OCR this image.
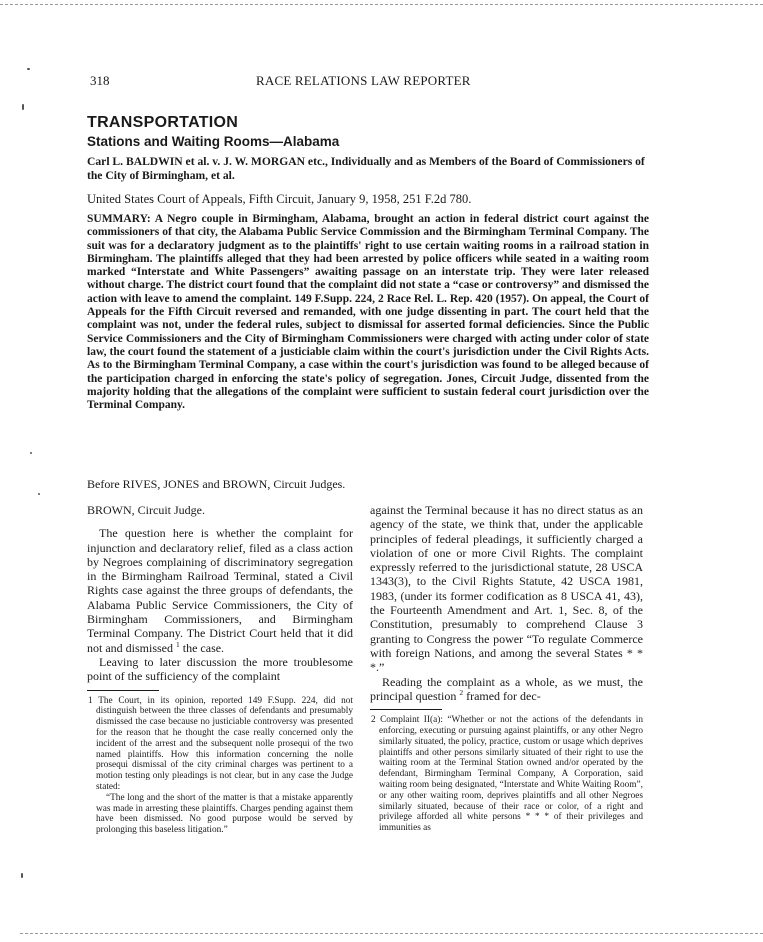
318	RACE RELATIONS LAW REPORTER
TRANSPORTATION
Stations and Waiting Rooms—Alabama

Carl L. BALDWIN et al. v. J. W. MORGAN etc., Individually and as Members of the Board of Commissioners of the City of Birmingham, et al.

United States Court of Appeals, Fifth Circuit, January 9, 1958, 251 F.2d 780.

SUMMARY: A Negro couple in Birmingham, Alabama, brought an action in federal district court against the commissioners of that city, the Alabama Public Service Commission and the Birmingham Terminal Company. The suit was for a declaratory judgment as to the plaintiffs' right to use certain waiting rooms in a railroad station in Birmingham. The plaintiffs alleged that they had been arrested by police officers while seated in a waiting room marked “Interstate and White Passengers” awaiting passage on an interstate trip. They were later released without charge. The district court found that the complaint did not state a “case or controversy” and dismissed the action with leave to amend the complaint. 149 F.Supp. 224, 2 Race Rel. L. Rep. 420 (1957). On appeal, the Court of Appeals for the Fifth Circuit reversed and remanded, with one judge dissenting in part. The court held that the complaint was not, under the federal rules, subject to dismissal for asserted formal deficiencies. Since the Public Service Commissioners and the City of Birmingham Commissioners were charged with acting under color of state law, the court found the statement of a justiciable claim within the court's jurisdiction under the Civil Rights Acts. As to the Birmingham Terminal Company, a case within the court's jurisdiction was found to be alleged because of the participation charged in enforcing the state's policy of segregation. Jones, Circuit Judge, dissented from the majority holding that the allegations of the complaint were sufficient to sustain federal court jurisdiction over the Terminal Company.

Before RIVES, JONES and BROWN, Circuit Judges.

BROWN, Circuit Judge.

The question here is whether the complaint for injunction and declaratory relief, filed as a class action by Negroes complaining of discriminatory segregation in the Birmingham Railroad Terminal, stated a Civil Rights case against the three groups of defendants, the Alabama Public Service Commissioners, the City of Birmingham Commissioners, and Birmingham Terminal Company. The District Court held that it did not and dismissed $^1$ the case.

Leaving to later discussion the more troublesome point of the sufficiency of the complaint

1 The Court, in its opinion, reported 149 F.Supp. 224, did not distinguish between the three classes of defendants and presumably dismissed the case because no justiciable controversy was presented for the reason that he thought the case really concerned only the incident of the arrest and the subsequent nolle prosequi of the two named plaintiffs. How this information concerning the nolle prosequi dismissal of the city criminal charges was pertinent to a motion testing only pleadings is not clear, but in any case the Judge stated:
“The long and the short of the matter is that a mistake apparently was made in arresting these plaintiffs. Charges pending against them have been dismissed. No good purpose would be served by prolonging this baseless litigation.”

against the Terminal because it has no direct status as an agency of the state, we think that, under the applicable principles of federal pleadings, it sufficiently charged a violation of one or more Civil Rights. The complaint expressly referred to the jurisdictional statute, 28 USCA 1343(3), to the Civil Rights Statute, 42 USCA 1981, 1983, (under its former codification as 8 USCA 41, 43), the Fourteenth Amendment and Art. 1, Sec. 8, of the Constitution, presumably to comprehend Clause 3 granting to Congress the power “To regulate Commerce with foreign Nations, and among the several States * * *.”

Reading the complaint as a whole, as we must, the principal question $^2$ framed for dec-

2 Complaint II(a): “Whether or not the actions of the defendants in enforcing, executing or pursuing against plaintiffs, or any other Negro similarly situated, the policy, practice, custom or usage which deprives plaintiffs and other persons similarly situated of their right to use the waiting room at the Terminal Station owned and/or operated by the defendant, Birmingham Terminal Company, A Corporation, said waiting room being designated, “Interstate and White Waiting Room”, or any other waiting room, deprives plaintiffs and all other Negroes similarly situated, because of their race or color, of a right and privilege afforded all white persons * * * of their privileges and immunities as
